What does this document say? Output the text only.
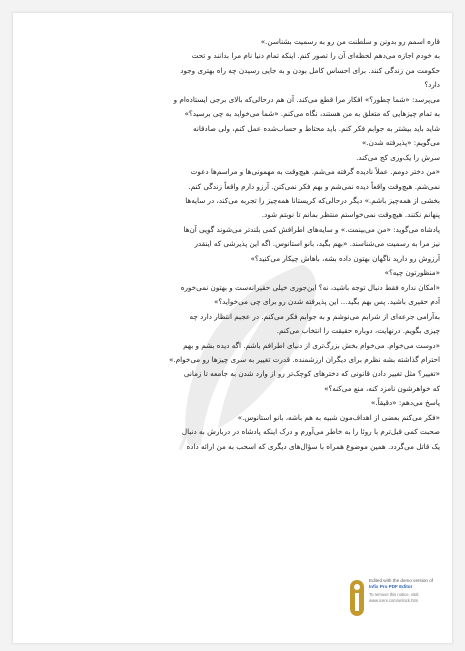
قاره اسمم رو بدونن و سلطنت من رو به رسمیت بشناسن.»
به خودم اجازه می‌دهم لحظه‌ای آن را تصور کنم. اینکه تمام دنیا نام مرا بدانند و تحت
حکومت من زندگی کنند. برای احساس کامل بودن و به جایی رسیدن چه راه بهتری وجود
دارد؟
می‌پرسد: «شما چطور؟» افکار مرا قطع می‌کند. آن هم درحالی‌که بالای برجی ایستاده‌ام و
به تمام چیزهایی که متعلق به من هستند، نگاه می‌کنم. «شما می‌خواید به چی برسید؟»
شاید باید بیشتر به جوابم فکر کنم. باید محتاط و حساب‌شده عمل کنم، ولی صادقانه
می‌گویم: «پذیرفته شدن.»
سرش را یک‌وری کج می‌کند.
«من دختر دومم. عملاً نادیده گرفته می‌شم. هیچ‌وقت به مهمونی‌ها و مراسم‌ها دعوت
نمی‌شم. هیچ‌وقت واقعاً دیده نمی‌شم و بهم فکر نمی‌کنن. آرزو دارم واقعاً زندگی کنم.
بخشی از همه‌چیز باشم.» دیگر درحالی‌که کریستانا همه‌چیز را تجربه می‌کند، در سایه‌ها
پنهانم نکنند. هیچ‌وقت نمی‌خواستم منتظر بمانم تا نوبتم شود.
پادشاه می‌گوید: «من می‌بینمت.» و سایه‌های اطرافش کمی بلندتر می‌شوند گویی آن‌ها
نیز مرا به رسمیت می‌شناسند. «بهم بگید، بانو استانوس. اگه این پذیرشی که اینقدر
آرزوش رو دارید ناگهان بهتون داده بشه، باهاش چیکار می‌کنید؟»
«منظورتون چیه؟»
«امکان نداره فقط دنبال توجه باشید، نه؟ این‌جوری خیلی حقیرانه‌ست و بهتون نمی‌خوره
آدم حقیری باشید. پس بهم بگید... این پذیرفته شدن رو برای چی می‌خواید؟»
به‌آرامی جرعه‌ای از شرابم می‌نوشم و به جوابم فکر می‌کنم. در عجبم انتظار دارد چه
چیزی بگویم. درنهایت، دوباره حقیقت را انتخاب می‌کنم.
«دوست می‌خوام. می‌خوام بخش بزرگ‌تری از دنیای اطرافم باشم. اگه دیده بشم و بهم
احترام گذاشته بشه نظرم برای دیگران ارزشمنده. قدرت تغییر به سری چیزها رو می‌خوام.»
«تغییر؟ مثل تغییر دادن قانونی که دخترهای کوچک‌تر رو از وارد شدن به جامعه تا زمانی
که خواهرشون نامزد کنه، منع می‌کنه؟»
پاسخ می‌دهم: «دقیقاً.»
«فکر می‌کنم بعضی از اهداف‌مون شبیه به هم باشه، بانو استانوس.»
صحبت کمی قبل‌ترم با روئا را به خاطر می‌آورم و درک اینکه پادشاه در دربارش به دنبال
یک قاتل می‌گردد. همین موضوع همراه با سؤال‌های دیگری که اسحب به من ارائه داده
Edited with the demo version of
Infix Pro PDF Editor
To remove this notice, visit:
www.iceni.com/unlock.htm
